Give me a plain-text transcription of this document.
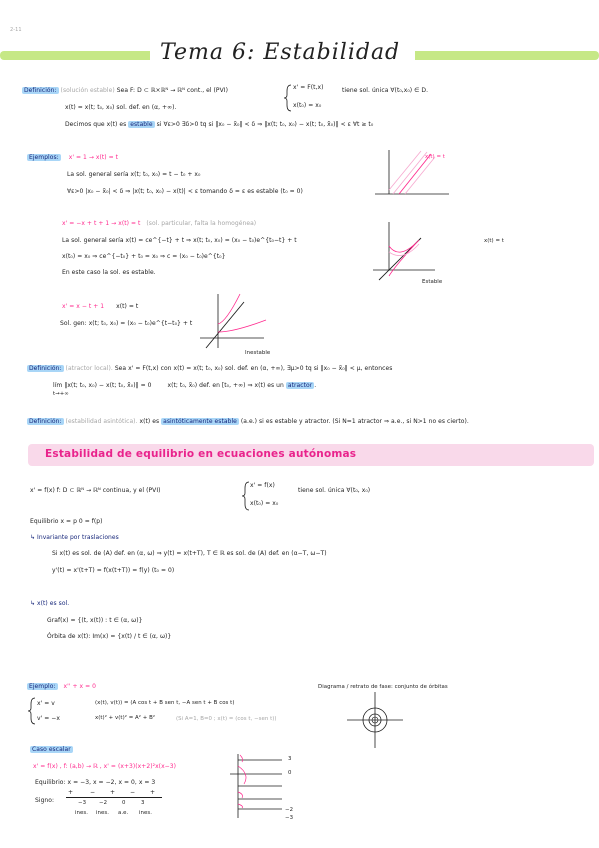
2-11
Tema 6: Estabilidad
Definición: (solución estable) Sea F: D ⊂ ℝ×ℝᴺ → ℝᴺ cont., el (PVI)	x' = F(t,x)
x(t₀) = x₀
tiene sol. única ∀(t₀,x₀) ∈ D.
x(t) = x(t; t₀, x₀) sol. def. en (α, +∞).
Decimos que x(t) es estable si ∀ε>0 ∃δ>0 tq si ‖x₀ − x̃₀‖ < δ ⇒ ‖x(t; t₀, x₀) − x(t; t₀, x̃₀)‖ < ε ∀t ≥ t₀
Ejemplos: x' = 1 → x(t) = t
La sol. general sería x(t; t₀, x₀) = t − t₀ + x₀
∀ε>0 |x₀ − x̃₀| < δ ⇒ |x(t; t₀, x₀) − x(t)| < ε tomando δ = ε es estable (t₀ = 0)
x(t) = t
x' = −x + t + 1 → x(t) = t (sol. particular, falta la homogénea)
La sol. general sería x(t) = ce^{−t} + t ⇒ x(t; t₀, x₀) = (x₀ − t₀)e^{t₀−t} + t
x(t₀) = x₀ ⇒ ce^{−t₀} + t₀ = x₀ ⇒ c = (x₀ − t₀)e^{t₀}
En este caso la sol. es estable.
x(t) = t
Estable
x' = x − t + 1 x(t) = t
Sol. gen: x(t; t₀, x₀) = (x₀ − t₀)e^{t−t₀} + t
Inestable
Definición: (atractor local). Sea x' = F(t,x) con x(t) = x(t; t₀, x₀) sol. def. en (α, +∞), ∃μ>0 tq si ‖x₀ − x̃₀‖ < μ, entonces
lím ‖x(t; t₀, x₀) − x(t; t₀, x̃₀)‖ = 0	x(t; t₀, x̃₀) def. en [t₀, +∞) ⇒ x(t) es un atractor .
t→+∞
Definición: (estabilidad asintótica). x(t) es asintóticamente estable (a.e.) si es estable y atractor. (Si N=1 atractor ⇒ a.e., si N>1 no es cierto).
Estabilidad de equilibrio en ecuaciones autónomas
x' = f(x) f: D ⊂ ℝᴺ → ℝᴺ continua, y el (PVI)
x' = f(x)
x(t₀) = x₀
tiene sol. única ∀(t₀, x₀)
Equilibrio x = p 0 = f(p)
↳ Invariante por traslaciones
Si x(t) es sol. de (A) def. en (α, ω) ⇒ y(t) = x(t+T), T ∈ ℝ es sol. de (A) def. en (α−T, ω−T)
y'(t) = x'(t+T) = f(x(t+T)) = f(y) (t₀ = 0)
↳ x(t) es sol.
Graf(x) = {(t, x(t)) : t ∈ (α, ω)}
Órbita de x(t): Im(x) = {x(t) / t ∈ (α, ω)}
Ejemplo: x'' + x = 0
x' = v
v' = −x
(x(t), v(t)) = (A cos t + B sen t, −A sen t + B cos t)
x(t)² + v(t)² = A² + B²	(Si A=1, B=0 ; x(t) = (cos t, −sen t))
Diagrama / retrato de fase: conjunto de órbitas
Caso escalar
x' = f(x) , f: (a,b) → ℝ , x' = (x+3)(x+2)²x(x−3)
Equilibrio: x = −3, x = −2, x = 0, x = 3
Signo:
+	− + − +
−3 −2	0	3
ines. ines. a.e. ines.
3
0
−2
−3
